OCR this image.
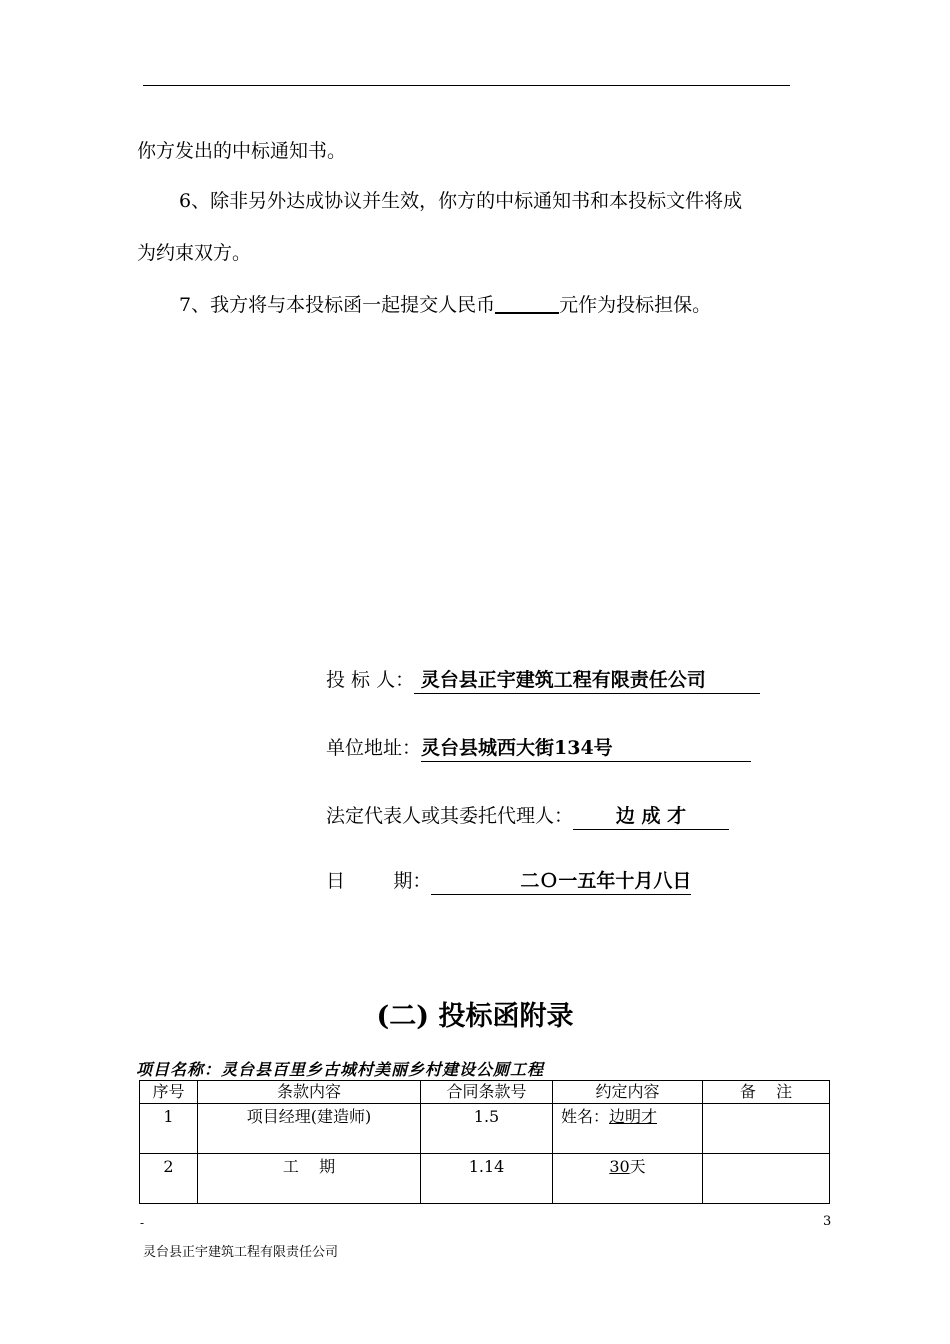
你方发出的中标通知书。
6、除非另外达成协议并生效，你方的中标通知书和本投标文件将成
为约束双方。
7、我方将与本投标函一起提交人民币	元作为投标担保。
投 标 人： 灵台县正宇建筑工程有限责任公司
单位地址：灵台县城西大街134号
法定代表人或其委托代理人： 边 成 才
日        期：	二Ｏ一五年十月八日
(二) 投标函附录
项目名称：灵台县百里乡古城村美丽乡村建设公厕工程
序号	条款内容	合同条款号	约定内容	备    注
1	项目经理(建造师)	1.5	姓名：边明才	
2	工    期	1.14	30天	
-	3
灵台县正宇建筑工程有限责任公司
